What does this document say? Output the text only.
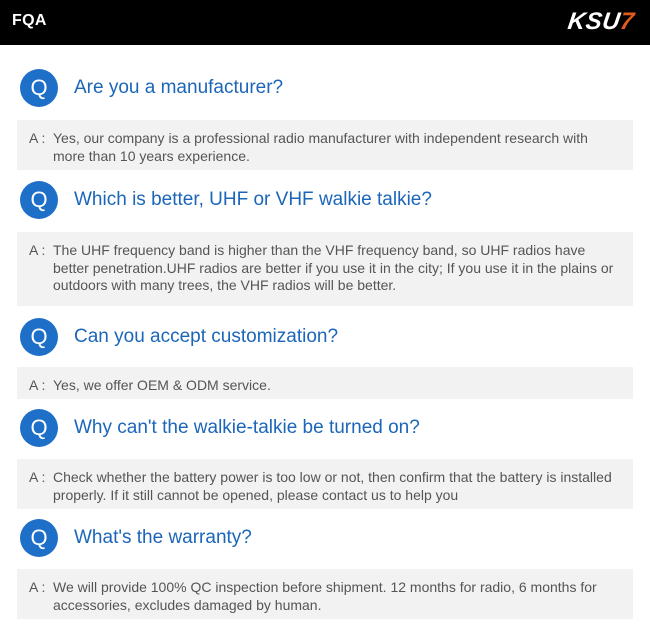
FQA	KSU7
Q	Are you a manufacturer?
A : Yes, our company is a professional radio manufacturer with independent research with more than 10 years experience.
Q	Which is better, UHF or VHF walkie talkie?
A : The UHF frequency band is higher than the VHF frequency band, so UHF radios have better penetration.UHF radios are better if you use it in the city; If you use it in the plains or outdoors with many trees, the VHF radios will be better.
Q	Can you accept customization?
A : Yes, we offer OEM & ODM service.
Q	Why can't the walkie-talkie be turned on?
A : Check whether the battery power is too low or not, then confirm that the battery is installed properly. If it still cannot be opened, please contact us to help you
Q	What's the warranty?
A : We will provide 100% QC inspection before shipment. 12 months for radio, 6 months for accessories, excludes damaged by human.
